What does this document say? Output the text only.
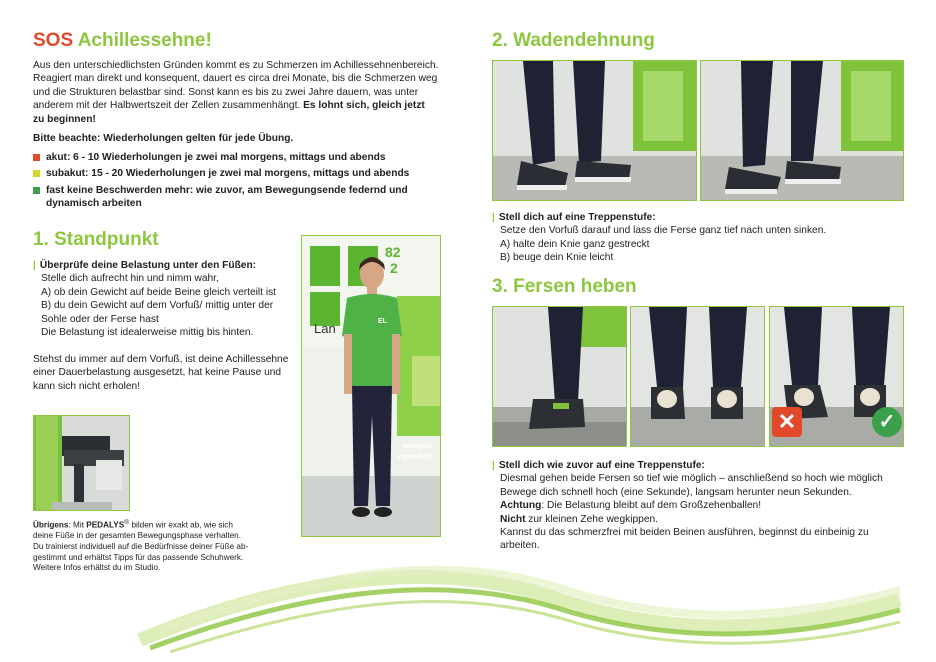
SOS Achillessehne!
Aus den unterschiedlichsten Gründen kommt es zu Schmerzen im Achillessehnenbereich.
Reagiert man direkt und konsequent, dauert es circa drei Monate, bis die Schmerzen weg
und die Strukturen belastbar sind. Sonst kann es bis zu zwei Jahre dauern, was unter
anderem mit der Halbwertszeit der Zellen zusammenhängt. Es lohnt sich, gleich jetzt
zu beginnen!
Bitte beachte: Wiederholungen gelten für jede Übung.
akut: 6 - 10 Wiederholungen je zwei mal morgens, mittags und abends
subakut: 15 - 20 Wiederholungen je zwei mal morgens, mittags und abends
fast keine Beschwerden mehr: wie zuvor, am Bewegungsende federnd und dynamisch arbeiten
1. Standpunkt
| Überprüfe deine Belastung unter den Füßen:
Stelle dich aufrecht hin und nimm wahr,
A) ob dein Gewicht auf beide Beine gleich verteilt ist
B) du dein Gewicht auf dem Vorfuß/ mittig unter der
Sohle oder der Ferse hast
Die Belastung ist idealerweise mittig bis hinten.
Stehst du immer auf dem Vorfuß, ist deine Achillessehne
einer Dauerbelastung ausgesetzt, hat keine Pause und
kann sich nicht erholen!
Übrigens: Mit PEDALYS® bilden wir exakt ab, wie sich
deine Füße in der gesamten Bewegungsphase verhalten.
Du trainierst individuell auf die Bedürfnisse deiner Füße ab-
gestimmt und erhältst Tipps für das passende Schuhwerk.
Weitere Infos erhältst du im Studio.
Lan
82
2
EL
ewegen
ngenfeld
2. Wadendehnung
| Stell dich auf eine Treppenstufe:
Setze den Vorfuß darauf und lass die Ferse ganz tief nach unten sinken.
A) halte dein Knie ganz gestreckt
B) beuge dein Knie leicht
3. Fersen heben
✕	✓
| Stell dich wie zuvor auf eine Treppenstufe:
Diesmal gehen beide Fersen so tief wie möglich – anschließend so hoch wie möglich
Bewege dich schnell hoch (eine Sekunde), langsam herunter neun Sekunden.
Achtung: Die Belastung bleibt auf dem Großzehenballen!
Nicht zur kleinen Zehe wegkippen.
Kannst du das schmerzfrei mit beiden Beinen ausführen, beginnst du einbeinig zu
arbeiten.
